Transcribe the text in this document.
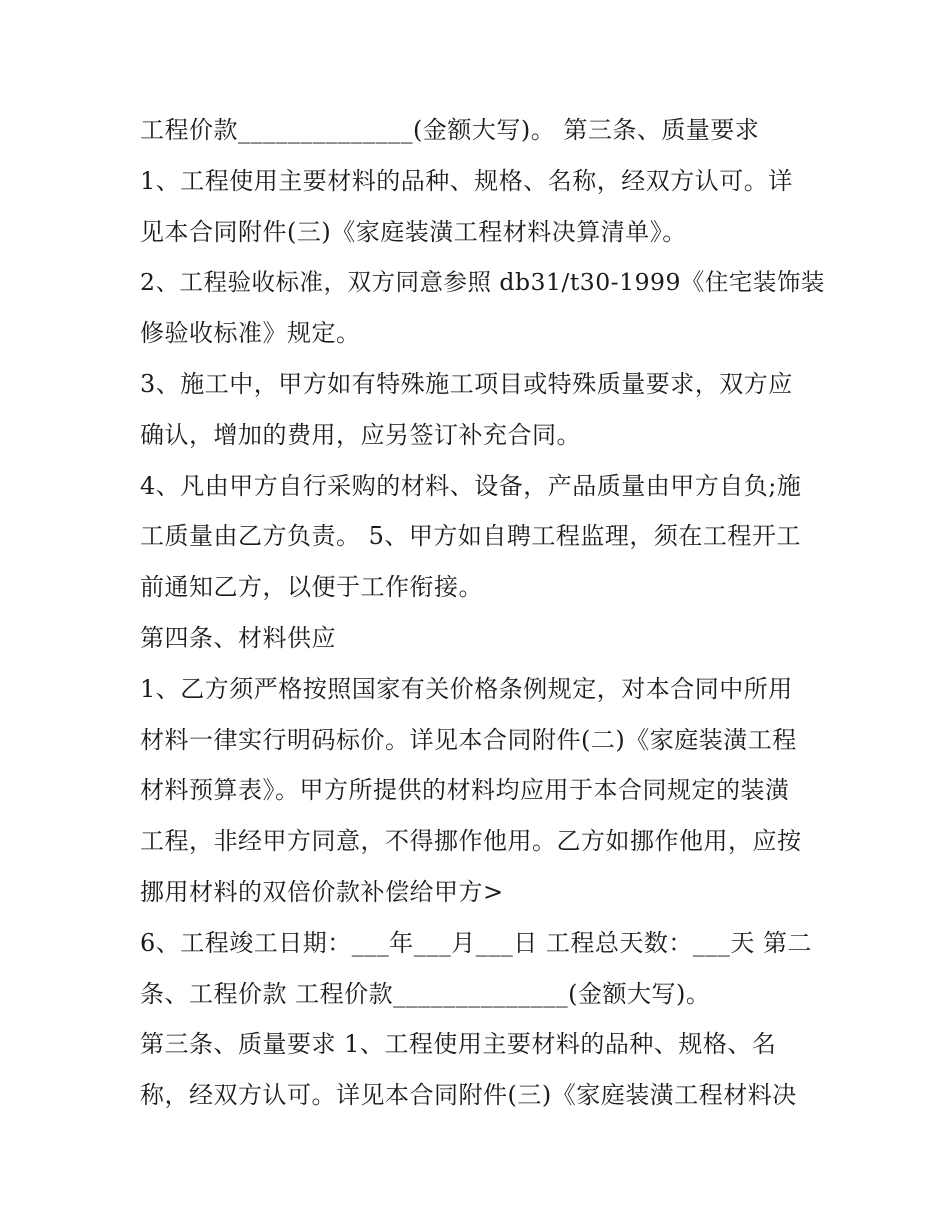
工程价款______________(金额大写)。 第三条、质量要求
1、工程使用主要材料的品种、规格、名称，经双方认可。详
见本合同附件(三)《家庭装潢工程材料决算清单》。
2、工程验收标准，双方同意参照 db31/t30-1999《住宅装饰装
修验收标准》规定。
3、施工中，甲方如有特殊施工项目或特殊质量要求，双方应
确认，增加的费用，应另签订补充合同。
4、凡由甲方自行采购的材料、设备，产品质量由甲方自负;施
工质量由乙方负责。 5、甲方如自聘工程监理，须在工程开工
前通知乙方，以便于工作衔接。
第四条、材料供应
1、乙方须严格按照国家有关价格条例规定，对本合同中所用
材料一律实行明码标价。详见本合同附件(二)《家庭装潢工程
材料预算表》。甲方所提供的材料均应用于本合同规定的装潢
工程，非经甲方同意，不得挪作他用。乙方如挪作他用，应按
挪用材料的双倍价款补偿给甲方>
6、工程竣工日期：___年___月___日 工程总天数：___天 第二
条、工程价款 工程价款______________(金额大写)。
第三条、质量要求 1、工程使用主要材料的品种、规格、名
称，经双方认可。详见本合同附件(三)《家庭装潢工程材料决
